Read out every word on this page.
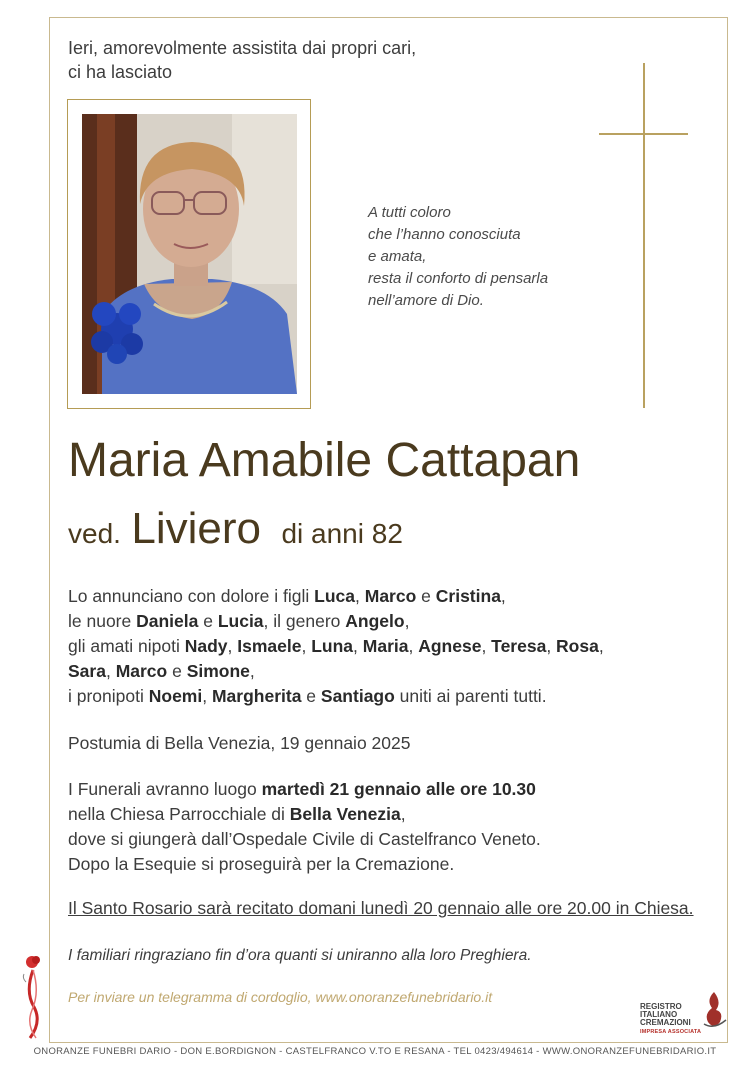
Ieri, amorevolmente assistita dai propri cari,
ci ha lasciato
A tutti coloro
che l’hanno conosciuta
e amata,
resta il conforto di pensarla
nell’amore di Dio.
Maria Amabile Cattapan
ved. Liviero di anni 82
Lo annunciano con dolore i figli Luca, Marco e Cristina,
le nuore Daniela e Lucia, il genero Angelo,
gli amati nipoti Nady, Ismaele, Luna, Maria, Agnese, Teresa, Rosa,
Sara, Marco e Simone,
i pronipoti Noemi, Margherita e Santiago uniti ai parenti tutti.
Postumia di Bella Venezia, 19 gennaio 2025
I Funerali avranno luogo martedì 21 gennaio alle ore 10.30
nella Chiesa Parrocchiale di Bella Venezia,
dove si giungerà dall’Ospedale Civile di Castelfranco Veneto.
Dopo la Esequie si proseguirà per la Cremazione.
Il Santo Rosario sarà recitato domani lunedì 20 gennaio alle ore 20.00 in Chiesa.
I familiari ringraziano fin d’ora quanti si uniranno alla loro Preghiera.
Per inviare un telegramma di cordoglio, www.onoranzefunebridario.it
REGISTRO
ITALIANO
CREMAZIONI
IMPRESA ASSOCIATA
ONORANZE FUNEBRI DARIO - DON E.BORDIGNON - CASTELFRANCO V.TO E RESANA - TEL 0423/494614 - WWW.ONORANZEFUNEBRIDARIO.IT
